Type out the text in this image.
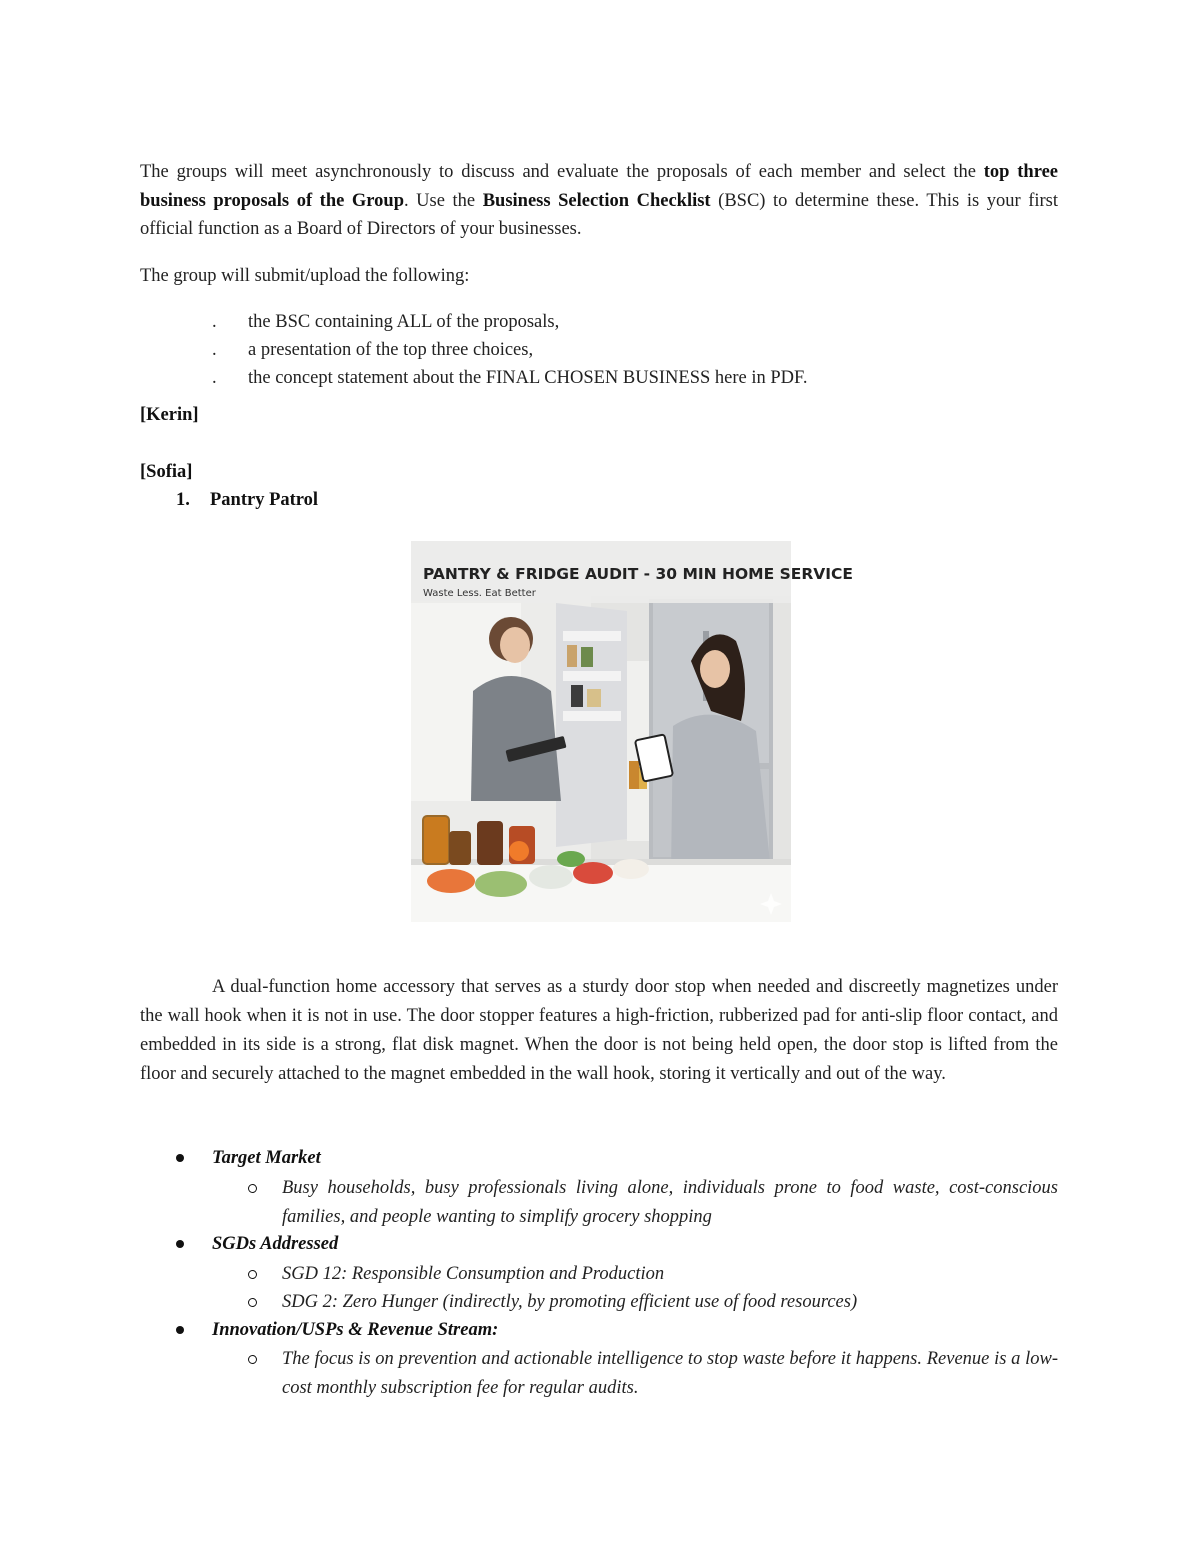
The groups will meet asynchronously to discuss and evaluate the proposals of each member and select the top three business proposals of the Group. Use the Business Selection Checklist (BSC) to determine these. This is your first official function as a Board of Directors of your businesses.
The group will submit/upload the following:
. the BSC containing ALL of the proposals,
. a presentation of the top three choices,
. the concept statement about the FINAL CHOSEN BUSINESS here in PDF.
[Kerin]
[Sofia]
1. Pantry Patrol
PANTRY & FRIDGE AUDIT - 30 MIN HOME SERVICE
Waste Less. Eat Better
A dual-function home accessory that serves as a sturdy door stop when needed and discreetly magnetizes under the wall hook when it is not in use. The door stopper features a high-friction, rubberized pad for anti-slip floor contact, and embedded in its side is a strong, flat disk magnet. When the door is not being held open, the door stop is lifted from the floor and securely attached to the magnet embedded in the wall hook, storing it vertically and out of the way.
Target Market
Busy households, busy professionals living alone, individuals prone to food waste, cost-conscious families, and people wanting to simplify grocery shopping
SGDs Addressed
SGD 12: Responsible Consumption and Production
SDG 2: Zero Hunger (indirectly, by promoting efficient use of food resources)
Innovation/USPs & Revenue Stream:
The focus is on prevention and actionable intelligence to stop waste before it happens. Revenue is a low-cost monthly subscription fee for regular audits.
